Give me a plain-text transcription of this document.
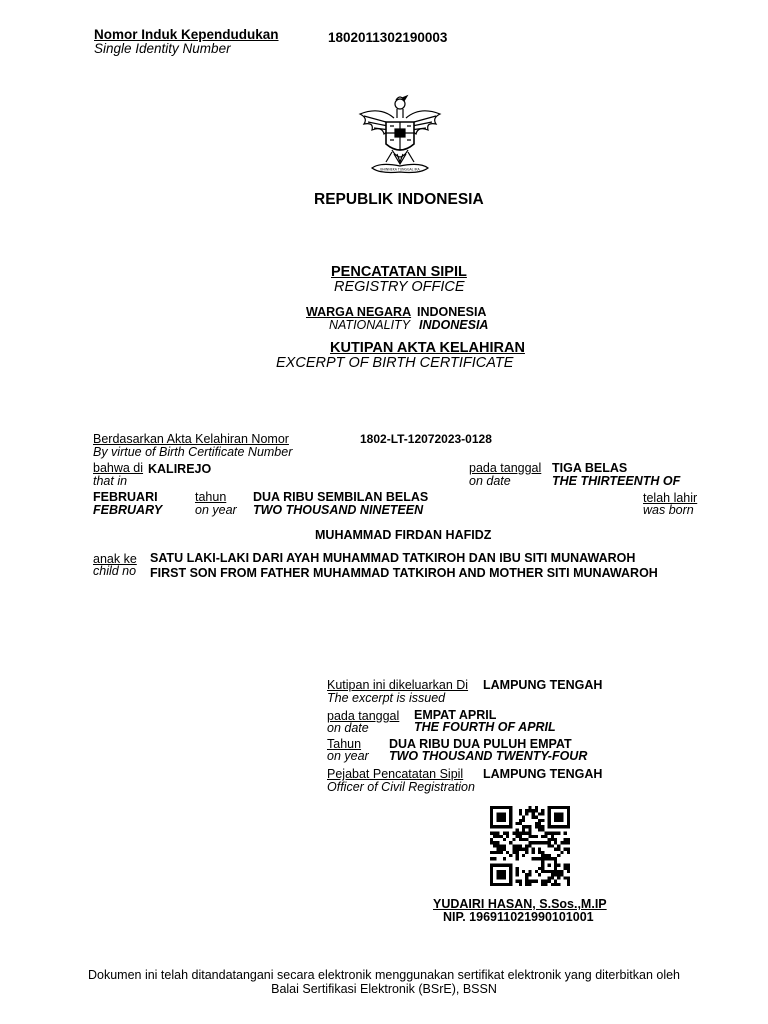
Nomor Induk Kependudukan
Single Identity Number
1802011302190003
BHINNEKA TUNGGAL IKA
REPUBLIK INDONESIA
PENCATATAN SIPIL
REGISTRY OFFICE
WARGA NEGARA INDONESIA
NATIONALITY INDONESIA
KUTIPAN AKTA KELAHIRAN
EXCERPT OF BIRTH CERTIFICATE
Berdasarkan Akta Kelahiran Nomor
By virtue of Birth Certificate Number
1802-LT-12072023-0128
bahwa di KALIREJO
that in
pada tanggal TIGA BELAS
on date	THE THIRTEENTH OF
FEBRUARI
FEBRUARY
tahun
on year
DUA RIBU SEMBILAN BELAS
TWO THOUSAND NINETEEN
telah lahir
was born
MUHAMMAD FIRDAN HAFIDZ
anak ke
child no
SATU LAKI-LAKI DARI AYAH MUHAMMAD TATKIROH DAN IBU SITI MUNAWAROH
FIRST SON FROM FATHER MUHAMMAD TATKIROH AND MOTHER SITI MUNAWAROH
Kutipan ini dikeluarkan Di
The excerpt is issued
LAMPUNG TENGAH
pada tanggal
on date
EMPAT APRIL
THE FOURTH OF APRIL
Tahun
on year
DUA RIBU DUA PULUH EMPAT
TWO THOUSAND TWENTY-FOUR
Pejabat Pencatatan Sipil
Officer of Civil Registration
LAMPUNG TENGAH
YUDAIRI HASAN, S.Sos.,M.IP
NIP. 196911021990101001
Dokumen ini telah ditandatangani secara elektronik menggunakan sertifikat elektronik yang diterbitkan oleh
Balai Sertifikasi Elektronik (BSrE), BSSN
